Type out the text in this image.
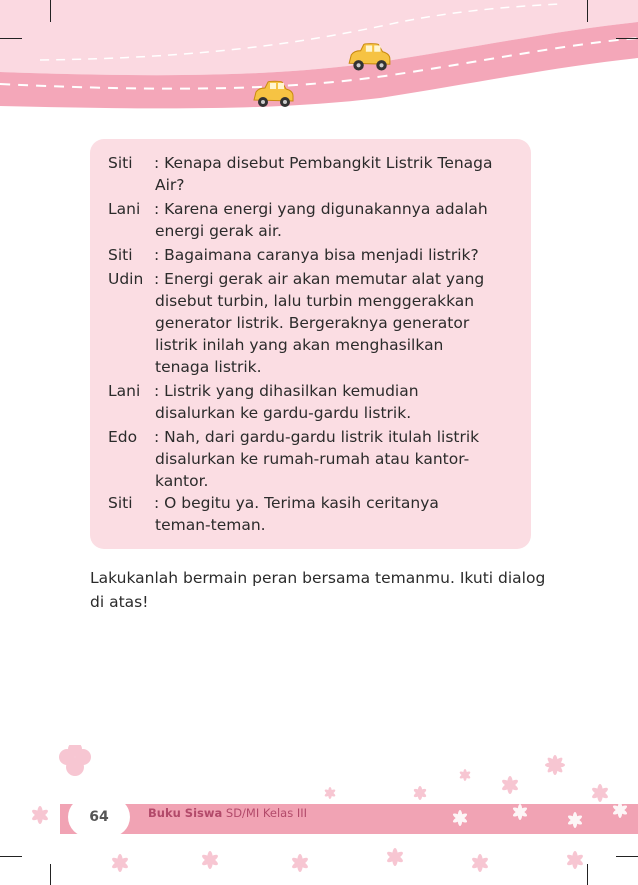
Siti : Kenapa disebut Pembangkit Listrik Tenaga
Air?
Lani : Karena energi yang digunakannya adalah
energi gerak air.
Siti : Bagaimana caranya bisa menjadi listrik?
Udin : Energi gerak air akan memutar alat yang
disebut turbin, lalu turbin menggerakkan
generator listrik. Bergeraknya generator
listrik inilah yang akan menghasilkan
tenaga listrik.
Lani : Listrik yang dihasilkan kemudian
disalurkan ke gardu-gardu listrik.
Edo : Nah, dari gardu-gardu listrik itulah listrik
disalurkan ke rumah-rumah atau kantor-
kantor.
Siti : O begitu ya. Terima kasih ceritanya
teman-teman.
Lakukanlah bermain peran bersama temanmu. Ikuti dialog di atas!
64	Buku Siswa SD/MI Kelas III
